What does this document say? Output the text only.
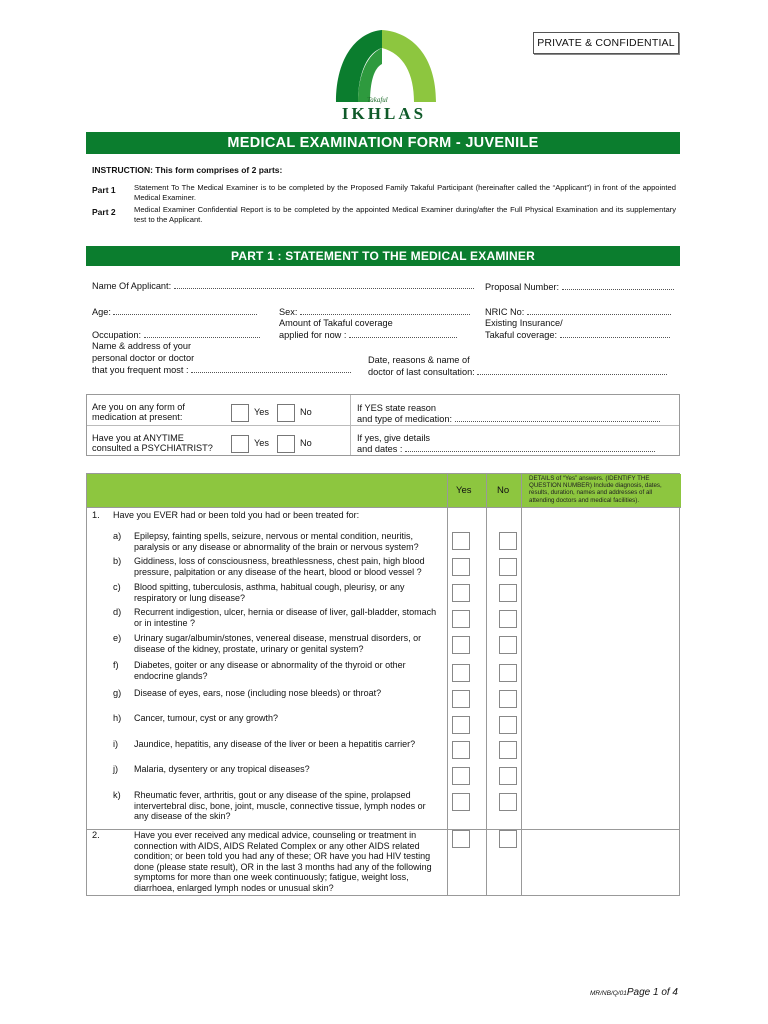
PRIVATE & CONFIDENTIAL
Takaful
IKHLAS
MEDICAL EXAMINATION FORM - JUVENILE
INSTRUCTION: This form comprises of 2 parts:
Part 1 Statement To The Medical Examiner is to be completed by the Proposed Family Takaful Participant (hereinafter called the “Applicant”) in front of the appointed Medical Examiner.
Part 2 Medical Examiner Confidential Report is to be completed by the appointed Medical Examiner during/after the Full Physical Examination and its supplementary test to the Applicant.
PART 1 : STATEMENT TO THE MEDICAL EXAMINER
Name Of Applicant:	Proposal Number:
Age:	Sex:	NRIC No:
Amount of Takaful coverage
applied for now :
Existing Insurance/
Takaful coverage:
Occupation:
Name & address of your
personal doctor or doctor
that you frequent most :
Date, reasons & name of
doctor of last consultation:
Are you on any form of
medication at present:	Yes	No	If YES state reason
and type of medication:
Have you at ANYTIME
consulted a PSYCHIATRIST?	Yes	No	If yes, give details
and dates :
Yes	No
DETAILS of “Yes” answers. (IDENTIFY THE QUESTION NUMBER) Include diagnosis, dates, results, duration, names and addresses of all attending doctors and medical facilities).
1. Have you EVER had or been told you had or been treated for:
a) Epilepsy, fainting spells, seizure, nervous or mental condition, neuritis, paralysis or any disease or abnormality of the brain or nervous system?
b) Giddiness, loss of consciousness, breathlessness, chest pain, high blood pressure, palpitation or any disease of the heart, blood or blood vessel ?
c) Blood spitting, tuberculosis, asthma, habitual cough, pleurisy, or any respiratory or lung disease?
d) Recurrent indigestion, ulcer, hernia or disease of liver, gall-bladder, stomach or in intestine ?
e) Urinary sugar/albumin/stones, venereal disease, menstrual disorders, or disease of the kidney, prostate, urinary or genital system?
f) Diabetes, goiter or any disease or abnormality of the thyroid or other endocrine glands?
g) Disease of eyes, ears, nose (including nose bleeds) or throat?
h) Cancer, tumour, cyst or any growth?
i) Jaundice, hepatitis, any disease of the liver or been a hepatitis carrier?
j) Malaria, dysentery or any tropical diseases?
k) Rheumatic fever, arthritis, gout or any disease of the spine, prolapsed intervertebral disc, bone, joint, muscle, connective tissue, lymph nodes or any disease of the skin?
2.	Have you ever received any medical advice, counseling or treatment in connection with AIDS, AIDS Related Complex or any other AIDS related condition; or been told you had any of these; OR have you had HIV testing done (please state result), OR in the last 3 months had any of the following symptoms for more than one week continuously; fatigue, weight loss, diarrhoea, enlarged lymph nodes or unusual skin?
MR/NB/Q/01Page 1 of 4
